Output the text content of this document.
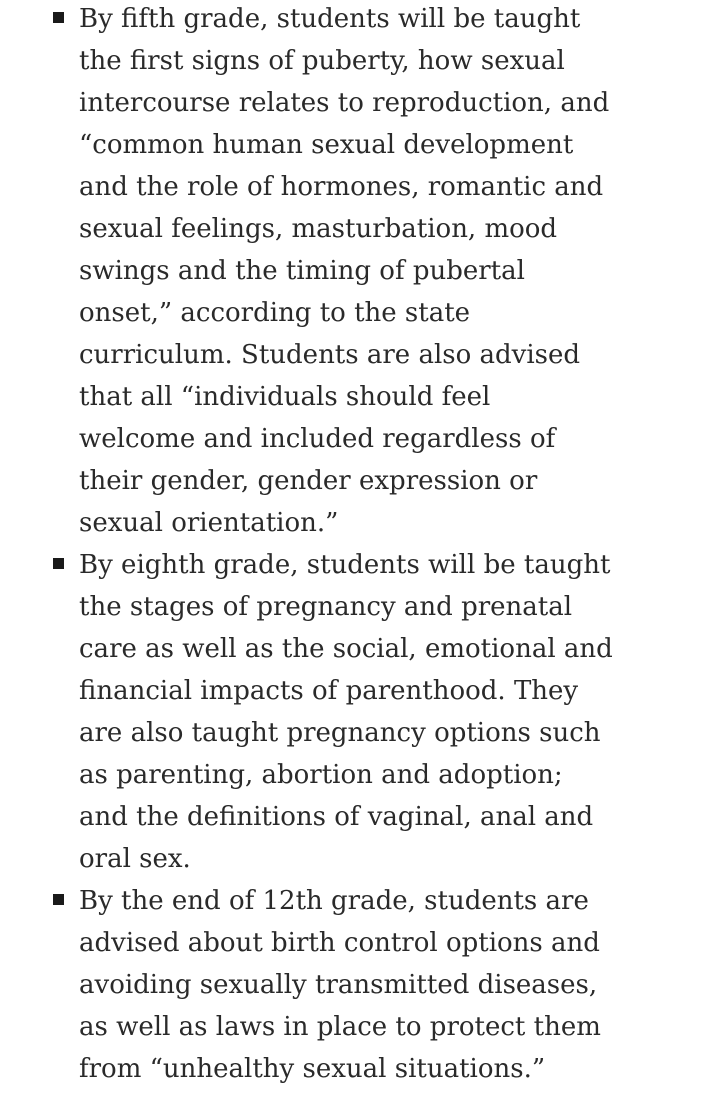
By fifth grade, students will be taught
the first signs of puberty, how sexual
intercourse relates to reproduction, and
“common human sexual development
and the role of hormones, romantic and
sexual feelings, masturbation, mood
swings and the timing of pubertal
onset,” according to the state
curriculum. Students are also advised
that all “individuals should feel
welcome and included regardless of
their gender, gender expression or
sexual orientation.”
By eighth grade, students will be taught
the stages of pregnancy and prenatal
care as well as the social, emotional and
financial impacts of parenthood. They
are also taught pregnancy options such
as parenting, abortion and adoption;
and the definitions of vaginal, anal and
oral sex.
By the end of 12th grade, students are
advised about birth control options and
avoiding sexually transmitted diseases,
as well as laws in place to protect them
from “unhealthy sexual situations.”
